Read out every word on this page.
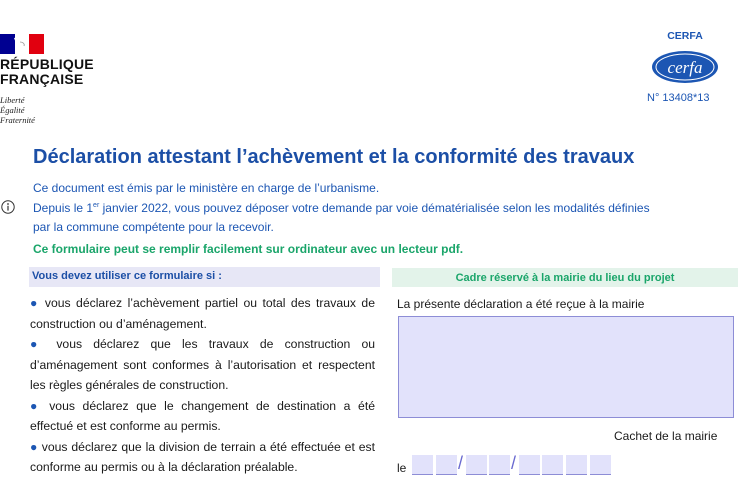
RÉPUBLIQUE
FRANÇAISE
Liberté
Égalité
Fraternité
CERFA
cerfa
N° 13408*13
Déclaration attestant l’achèvement et la conformité des travaux
Ce document est émis par le ministère en charge de l’urbanisme.
Depuis le 1er janvier 2022, vous pouvez déposer votre demande par voie dématérialisée selon les modalités définies
par la commune compétente pour la recevoir.
Ce formulaire peut se remplir facilement sur ordinateur avec un lecteur pdf.
Vous devez utiliser ce formulaire si :
● vous déclarez l’achèvement partiel ou total des travaux de construction ou d’aménagement.
● vous déclarez que les travaux de construction ou d’aménagement sont conformes à l’autorisation et respectent les règles générales de construction.
● vous déclarez que le changement de destination a été effectué et est conforme au permis.
● vous déclarez que la division de terrain a été effectuée et est conforme au permis ou à la déclaration préalable.
Cadre réservé à la mairie du lieu du projet
La présente déclaration a été reçue à la mairie
Cachet de la mairie
le	/	/
